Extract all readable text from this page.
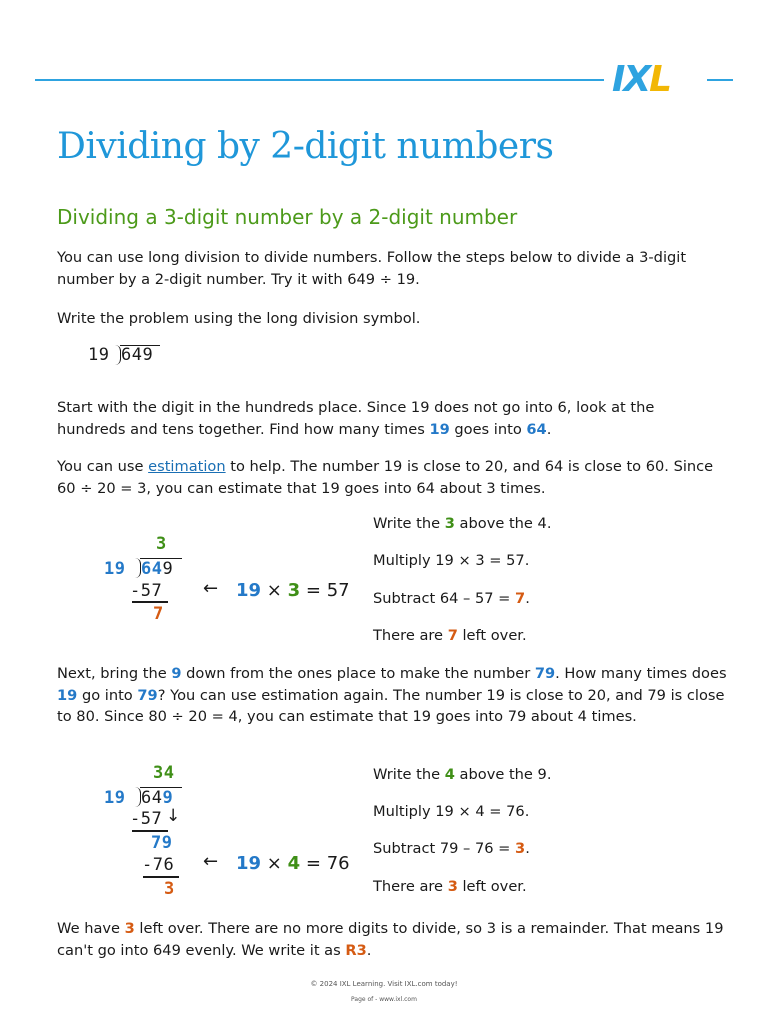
IXL
Dividing by 2-digit numbers
Dividing a 3-digit number by a 2-digit number

You can use long division to divide numbers. Follow the steps below to divide a 3-digit number by a 2-digit number. Try it with 649 ÷ 19.

Write the problem using the long division symbol.

19 649

Start with the digit in the hundreds place. Since 19 does not go into 6, look at the hundreds and tens together. Find how many times 19 goes into 64.

You can use estimation to help. The number 19 is close to 20, and 64 is close to 60. Since 60 ÷ 20 = 3, you can estimate that 19 goes into 64 about 3 times.

3
19 649
-57
7
← 19 × 3 = 57

Write the 3 above the 4.

Multiply 19 × 3 = 57.

Subtract 64 – 57 = 7.

There are 7 left over.

Next, bring the 9 down from the ones place to make the number 79. How many times does 19 go into 79? You can use estimation again. The number 19 is close to 20, and 79 is close to 80. Since 80 ÷ 20 = 4, you can estimate that 19 goes into 79 about 4 times.

34
19 649
-57 ↓
79
-76
3
← 19 × 4 = 76

Write the 4 above the 9.

Multiply 19 × 4 = 76.

Subtract 79 – 76 = 3.

There are 3 left over.

We have 3 left over. There are no more digits to divide, so 3 is a remainder. That means 19 can't go into 649 evenly. We write it as R3.

© 2024 IXL Learning. Visit IXL.com today!
Page of - www.ixl.com
